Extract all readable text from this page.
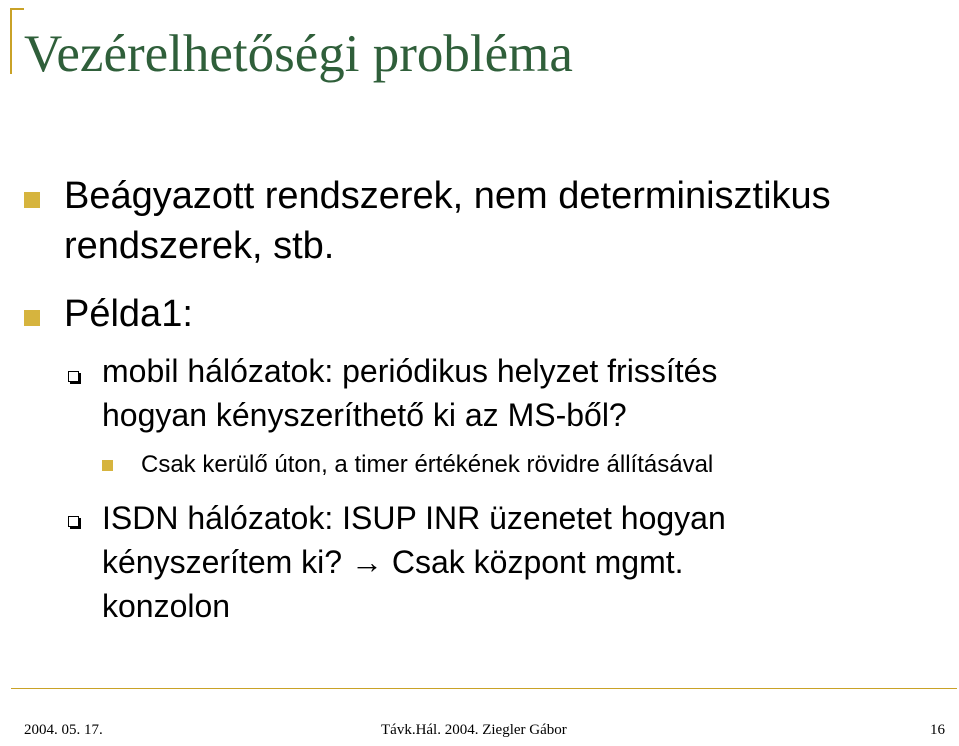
Vezérelhetőségi probléma
Beágyazott rendszerek, nem determinisztikus
rendszerek, stb.
Példa1:
mobil hálózatok: periódikus helyzet frissítés
hogyan kényszeríthető ki az MS-ből?
Csak kerülő úton, a timer értékének rövidre állításával
ISDN hálózatok: ISUP INR üzenetet hogyan
kényszerítem ki? → Csak központ mgmt.
konzolon
2004. 05. 17.	Távk.Hál. 2004. Ziegler Gábor	16
